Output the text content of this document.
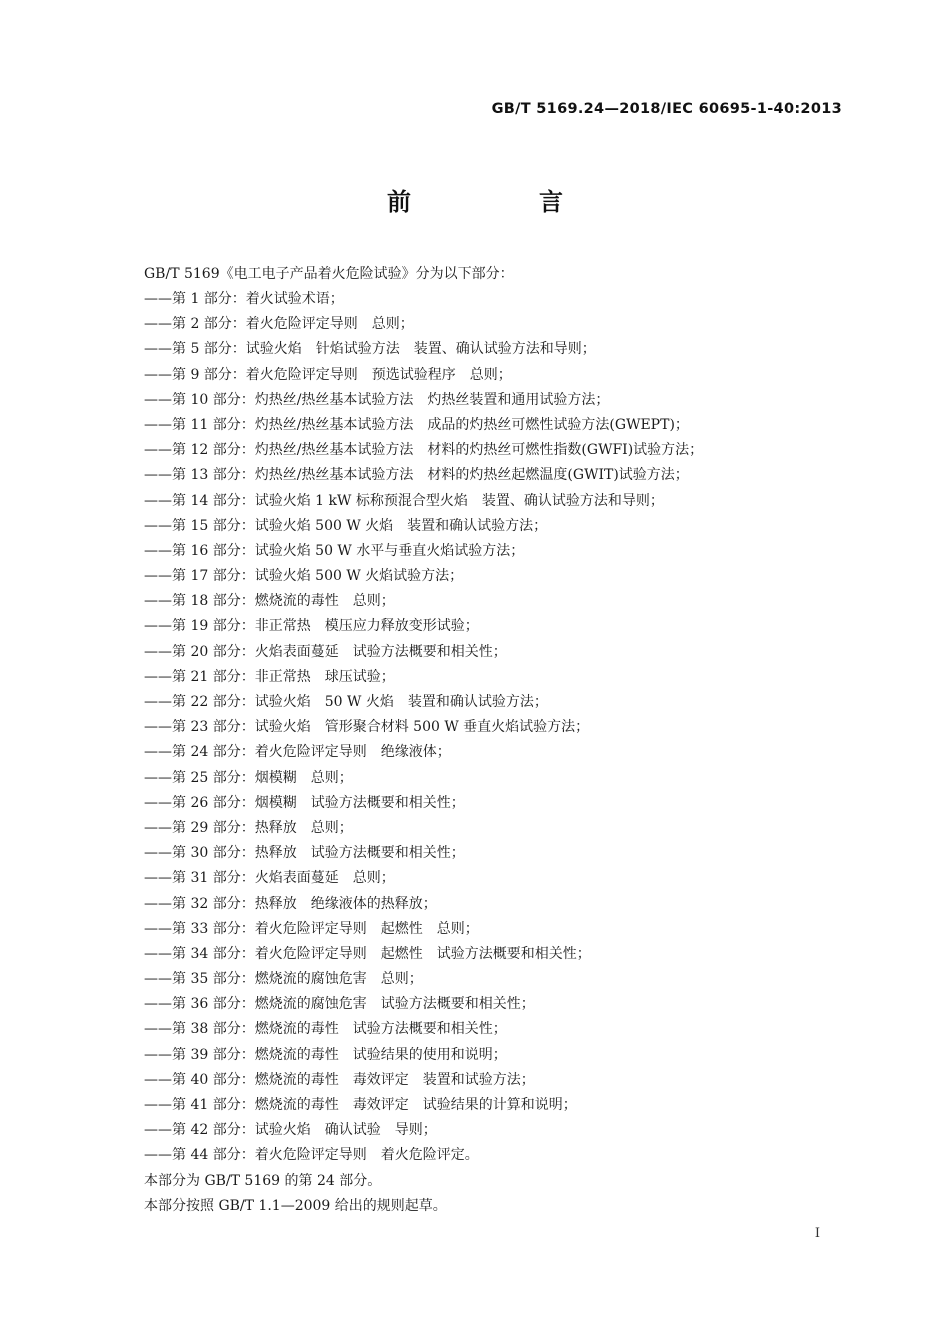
GB/T 5169.24—2018/IEC 60695-1-40:2013
前　言
GB/T 5169《电工电子产品着火危险试验》分为以下部分：
——第 1 部分：着火试验术语；
——第 2 部分：着火危险评定导则　总则；
——第 5 部分：试验火焰　针焰试验方法　装置、确认试验方法和导则；
——第 9 部分：着火危险评定导则　预选试验程序　总则；
——第 10 部分：灼热丝/热丝基本试验方法　灼热丝装置和通用试验方法；
——第 11 部分：灼热丝/热丝基本试验方法　成品的灼热丝可燃性试验方法(GWEPT)；
——第 12 部分：灼热丝/热丝基本试验方法　材料的灼热丝可燃性指数(GWFI)试验方法；
——第 13 部分：灼热丝/热丝基本试验方法　材料的灼热丝起燃温度(GWIT)试验方法；
——第 14 部分：试验火焰 1 kW 标称预混合型火焰　装置、确认试验方法和导则；
——第 15 部分：试验火焰 500 W 火焰　装置和确认试验方法；
——第 16 部分：试验火焰 50 W 水平与垂直火焰试验方法；
——第 17 部分：试验火焰 500 W 火焰试验方法；
——第 18 部分：燃烧流的毒性　总则；
——第 19 部分：非正常热　模压应力释放变形试验；
——第 20 部分：火焰表面蔓延　试验方法概要和相关性；
——第 21 部分：非正常热　球压试验；
——第 22 部分：试验火焰　50 W 火焰　装置和确认试验方法；
——第 23 部分：试验火焰　管形聚合材料 500 W 垂直火焰试验方法；
——第 24 部分：着火危险评定导则　绝缘液体；
——第 25 部分：烟模糊　总则；
——第 26 部分：烟模糊　试验方法概要和相关性；
——第 29 部分：热释放　总则；
——第 30 部分：热释放　试验方法概要和相关性；
——第 31 部分：火焰表面蔓延　总则；
——第 32 部分：热释放　绝缘液体的热释放；
——第 33 部分：着火危险评定导则　起燃性　总则；
——第 34 部分：着火危险评定导则　起燃性　试验方法概要和相关性；
——第 35 部分：燃烧流的腐蚀危害　总则；
——第 36 部分：燃烧流的腐蚀危害　试验方法概要和相关性；
——第 38 部分：燃烧流的毒性　试验方法概要和相关性；
——第 39 部分：燃烧流的毒性　试验结果的使用和说明；
——第 40 部分：燃烧流的毒性　毒效评定　装置和试验方法；
——第 41 部分：燃烧流的毒性　毒效评定　试验结果的计算和说明；
——第 42 部分：试验火焰　确认试验　导则；
——第 44 部分：着火危险评定导则　着火危险评定。

本部分为 GB/T 5169 的第 24 部分。

本部分按照 GB/T 1.1—2009 给出的规则起草。

I
